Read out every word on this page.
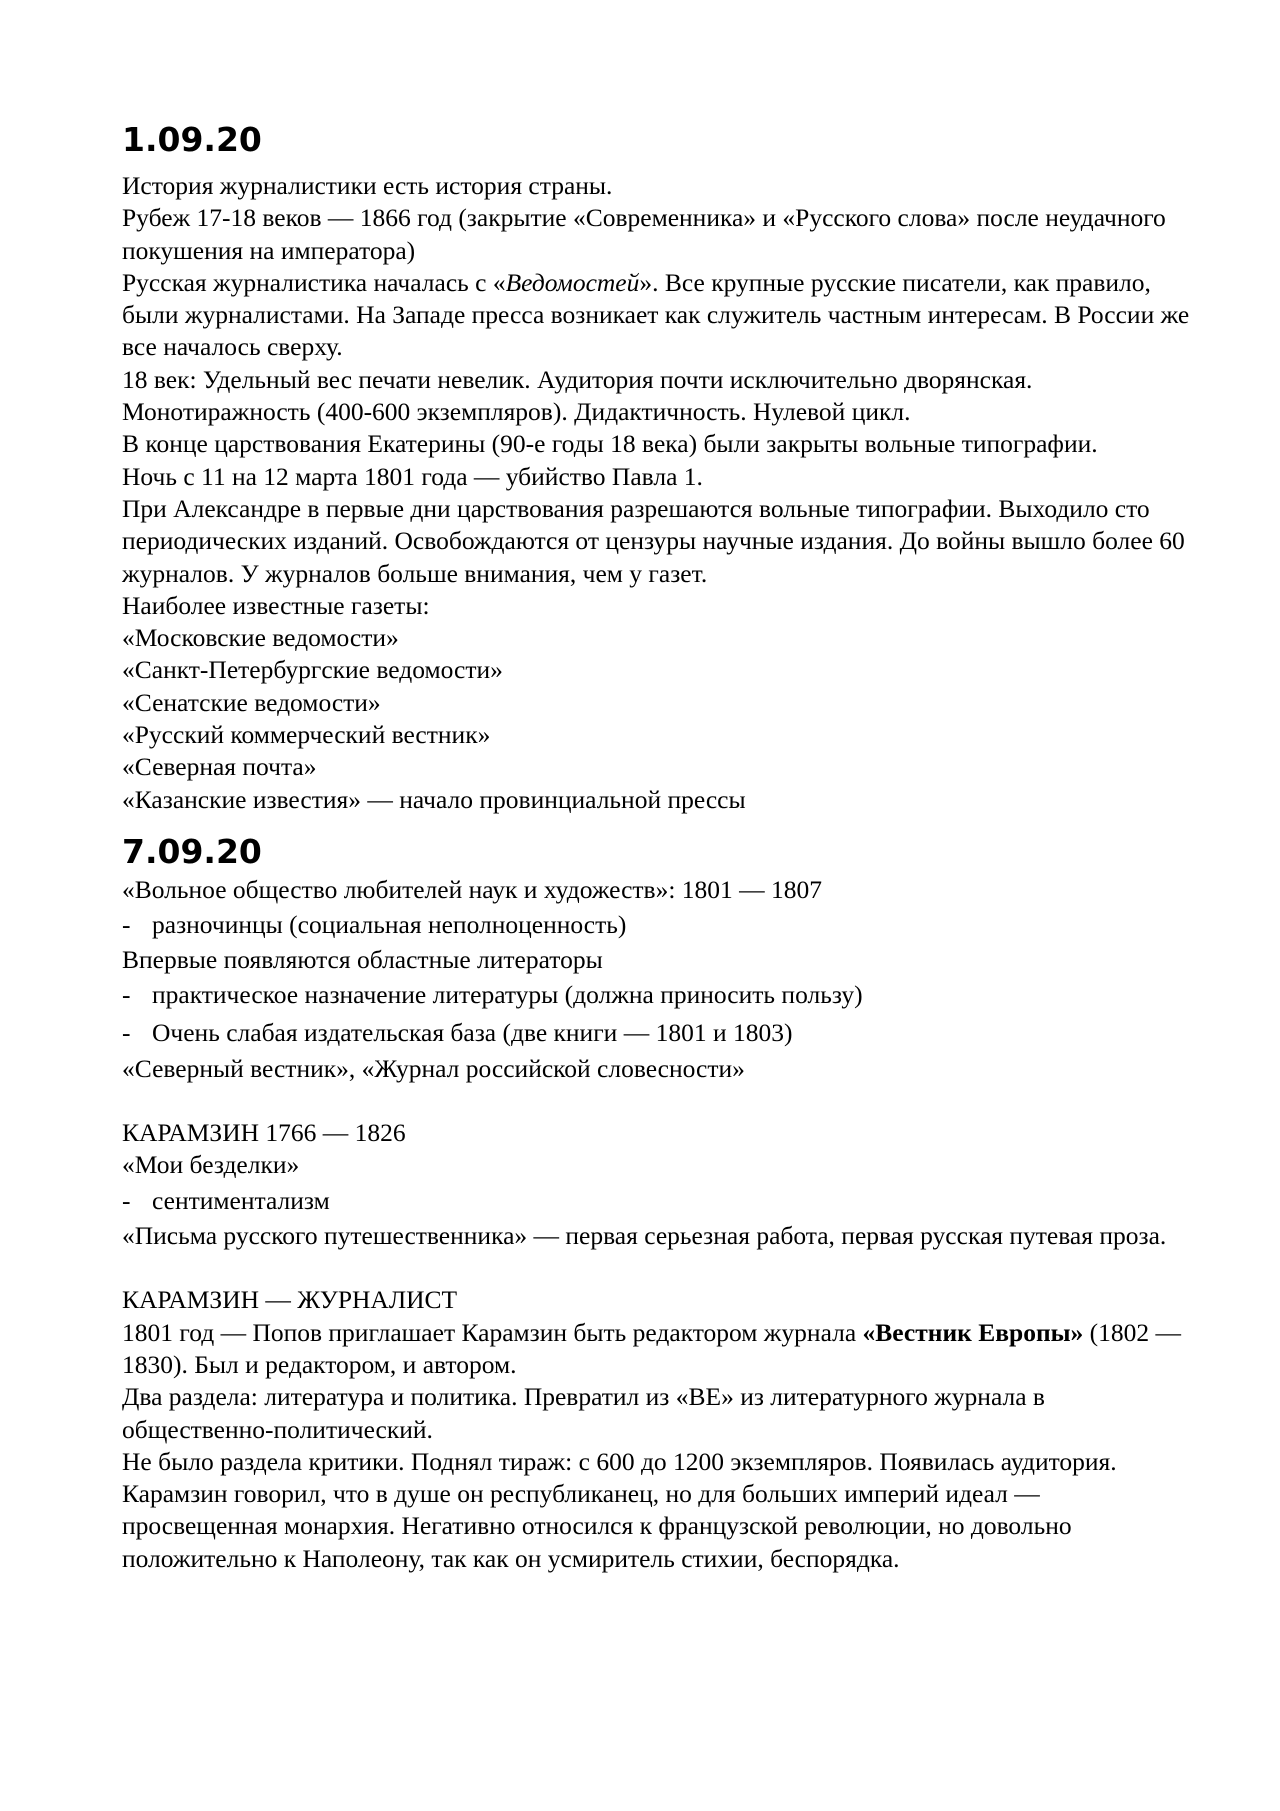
1.09.20

История журналистики есть история страны.

Рубеж 17-18 веков — 1866 год (закрытие «Современника» и «Русского слова» после неудачного покушения на императора)

Русская журналистика началась с «Ведомостей». Все крупные русские писатели, как правило, были журналистами. На Западе пресса возникает как служитель частным интересам. В России же все началось сверху.

18 век: Удельный вес печати невелик. Аудитория почти исключительно дворянская. Монотиражность (400-600 экземпляров). Дидактичность. Нулевой цикл.

В конце царствования Екатерины (90-е годы 18 века) были закрыты вольные типографии.

Ночь с 11 на 12 марта 1801 года — убийство Павла 1.

При Александре в первые дни царствования разрешаются вольные типографии. Выходило сто периодических изданий. Освобождаются от цензуры научные издания. До войны вышло более 60 журналов. У журналов больше внимания, чем у газет.

Наиболее известные газеты:

«Московские ведомости»

«Санкт-Петербургские ведомости»

«Сенатские ведомости»

«Русский коммерческий вестник»

«Северная почта»

«Казанские известия» — начало провинциальной прессы

7.09.20

«Вольное общество любителей наук и художеств»: 1801 — 1807

- разночинцы (социальная неполноценность)

Впервые появляются областные литераторы

- практическое назначение литературы (должна приносить пользу)
- Очень слабая издательская база (две книги — 1801 и 1803)

«Северный вестник», «Журнал российской словесности»

КАРАМЗИН 1766 — 1826

«Мои безделки»

- сентиментализм

«Письма русского путешественника» — первая серьезная работа, первая русская путевая проза.

КАРАМЗИН — ЖУРНАЛИСТ

1801 год — Попов приглашает Карамзин быть редактором журнала «Вестник Европы» (1802 —1830). Был и редактором, и автором.

Два раздела: литература и политика. Превратил из «ВЕ» из литературного журнала в общественно-политический.

Не было раздела критики. Поднял тираж: с 600 до 1200 экземпляров. Появилась аудитория.

Карамзин говорил, что в душе он республиканец, но для больших империй идеал — просвещенная монархия. Негативно относился к французской революции, но довольно положительно к Наполеону, так как он усмиритель стихии, беспорядка.
